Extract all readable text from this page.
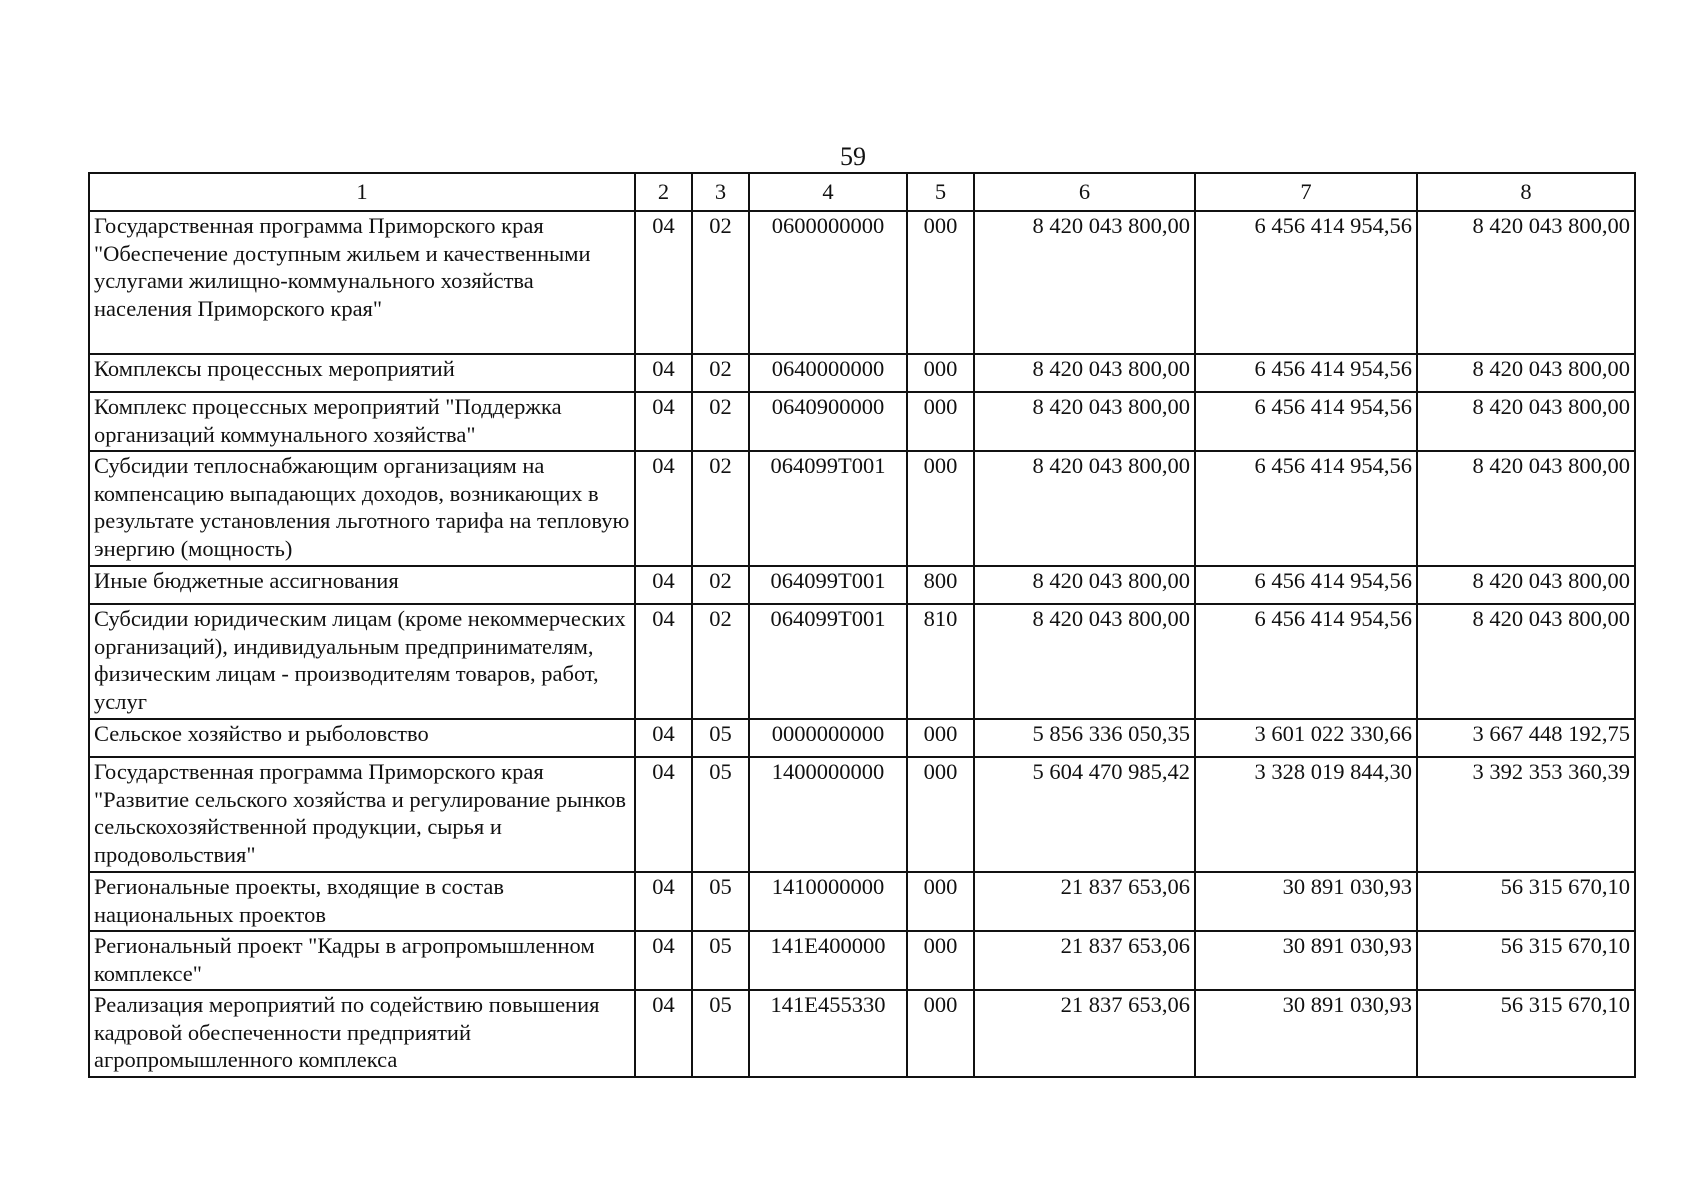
59
1	2	3	4	5	6	7	8
Государственная программа Приморского края "Обеспечение доступным жильем и качественными услугами жилищно-коммунального хозяйства населения Приморского края"	04	02	0600000000	000	8 420 043 800,00	6 456 414 954,56	8 420 043 800,00
Комплексы процессных мероприятий	04	02	0640000000	000	8 420 043 800,00	6 456 414 954,56	8 420 043 800,00
Комплекс процессных мероприятий "Поддержка организаций коммунального хозяйства"	04	02	0640900000	000	8 420 043 800,00	6 456 414 954,56	8 420 043 800,00
Субсидии теплоснабжающим организациям на компенсацию выпадающих доходов, возникающих в результате установления льготного тарифа на тепловую энергию (мощность)	04	02	064099Т001	000	8 420 043 800,00	6 456 414 954,56	8 420 043 800,00
Иные бюджетные ассигнования	04	02	064099Т001	800	8 420 043 800,00	6 456 414 954,56	8 420 043 800,00
Субсидии юридическим лицам (кроме некоммерческих организаций), индивидуальным предпринимателям, физическим лицам - производителям товаров, работ, услуг	04	02	064099Т001	810	8 420 043 800,00	6 456 414 954,56	8 420 043 800,00
Сельское хозяйство и рыболовство	04	05	0000000000	000	5 856 336 050,35	3 601 022 330,66	3 667 448 192,75
Государственная программа Приморского края "Развитие сельского хозяйства и регулирование рынков сельскохозяйственной продукции, сырья и продовольствия"	04	05	1400000000	000	5 604 470 985,42	3 328 019 844,30	3 392 353 360,39
Региональные проекты, входящие в состав национальных проектов	04	05	1410000000	000	21 837 653,06	30 891 030,93	56 315 670,10
Региональный проект "Кадры в агропромышленном комплексе"	04	05	141Е400000	000	21 837 653,06	30 891 030,93	56 315 670,10
Реализация мероприятий по содействию повышения кадровой обеспеченности предприятий агропромышленного комплекса	04	05	141Е455330	000	21 837 653,06	30 891 030,93	56 315 670,10
